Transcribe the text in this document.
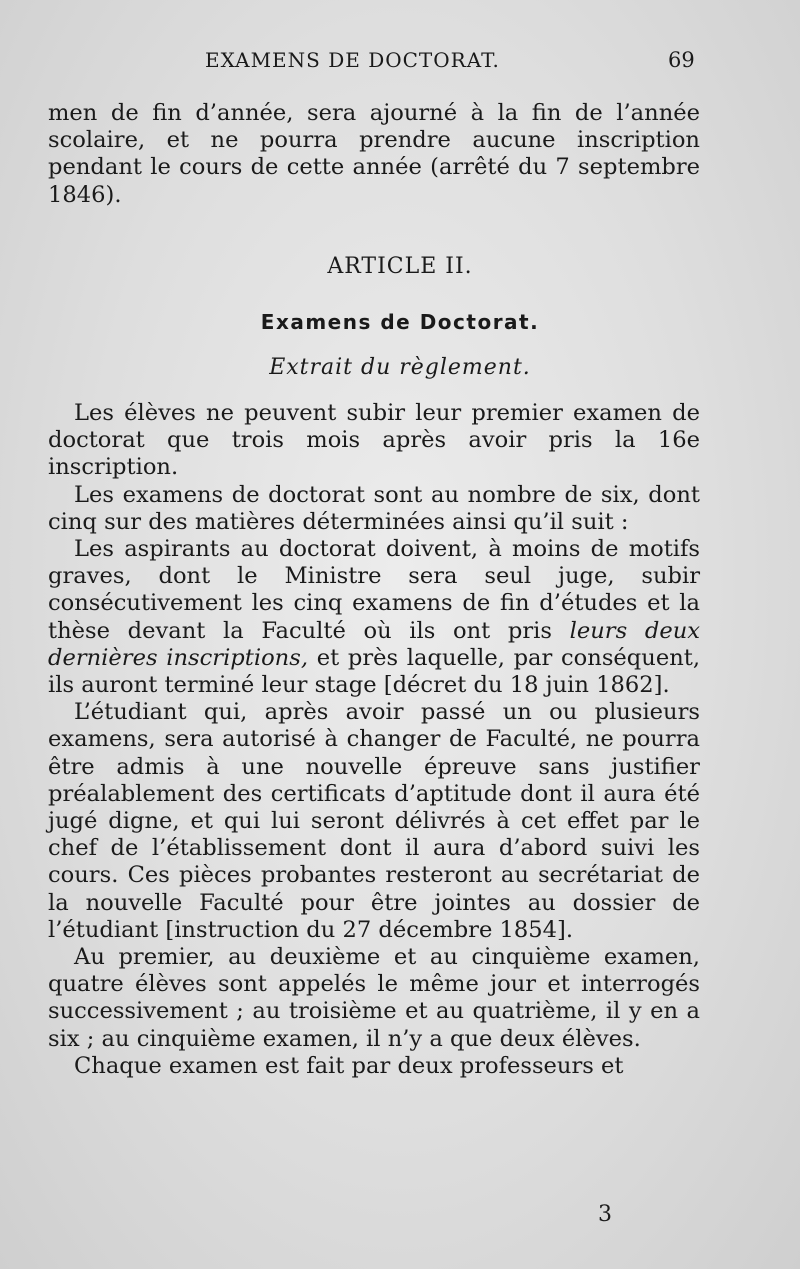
EXAMENS DE DOCTORAT.	69

men de fin d’année, sera ajourné à la fin de l’année scolaire, et ne pourra prendre aucune inscription pendant le cours de cette année (arrêté du 7 septembre 1846).

ARTICLE II.
Examens de Doctorat.
Extrait du règlement.

Les élèves ne peuvent subir leur premier examen de doctorat que trois mois après avoir pris la 16e inscription.

Les examens de doctorat sont au nombre de six, dont cinq sur des matières déterminées ainsi qu’il suit :

Les aspirants au doctorat doivent, à moins de motifs graves, dont le Ministre sera seul juge, subir consécutivement les cinq examens de fin d’études et la thèse devant la Faculté où ils ont pris leurs deux dernières inscriptions, et près laquelle, par conséquent, ils auront terminé leur stage [décret du 18 juin 1862].

L’étudiant qui, après avoir passé un ou plusieurs examens, sera autorisé à changer de Faculté, ne pourra être admis à une nouvelle épreuve sans justifier préalablement des certificats d’aptitude dont il aura été jugé digne, et qui lui seront délivrés à cet effet par le chef de l’établissement dont il aura d’abord suivi les cours. Ces pièces probantes resteront au secrétariat de la nouvelle Faculté pour être jointes au dossier de l’étudiant [instruction du 27 décembre 1854].

Au premier, au deuxième et au cinquième examen, quatre élèves sont appelés le même jour et interrogés successivement ; au troisième et au quatrième, il y en a six ; au cinquième examen, il n’y a que deux élèves.

Chaque examen est fait par deux professeurs et

3
